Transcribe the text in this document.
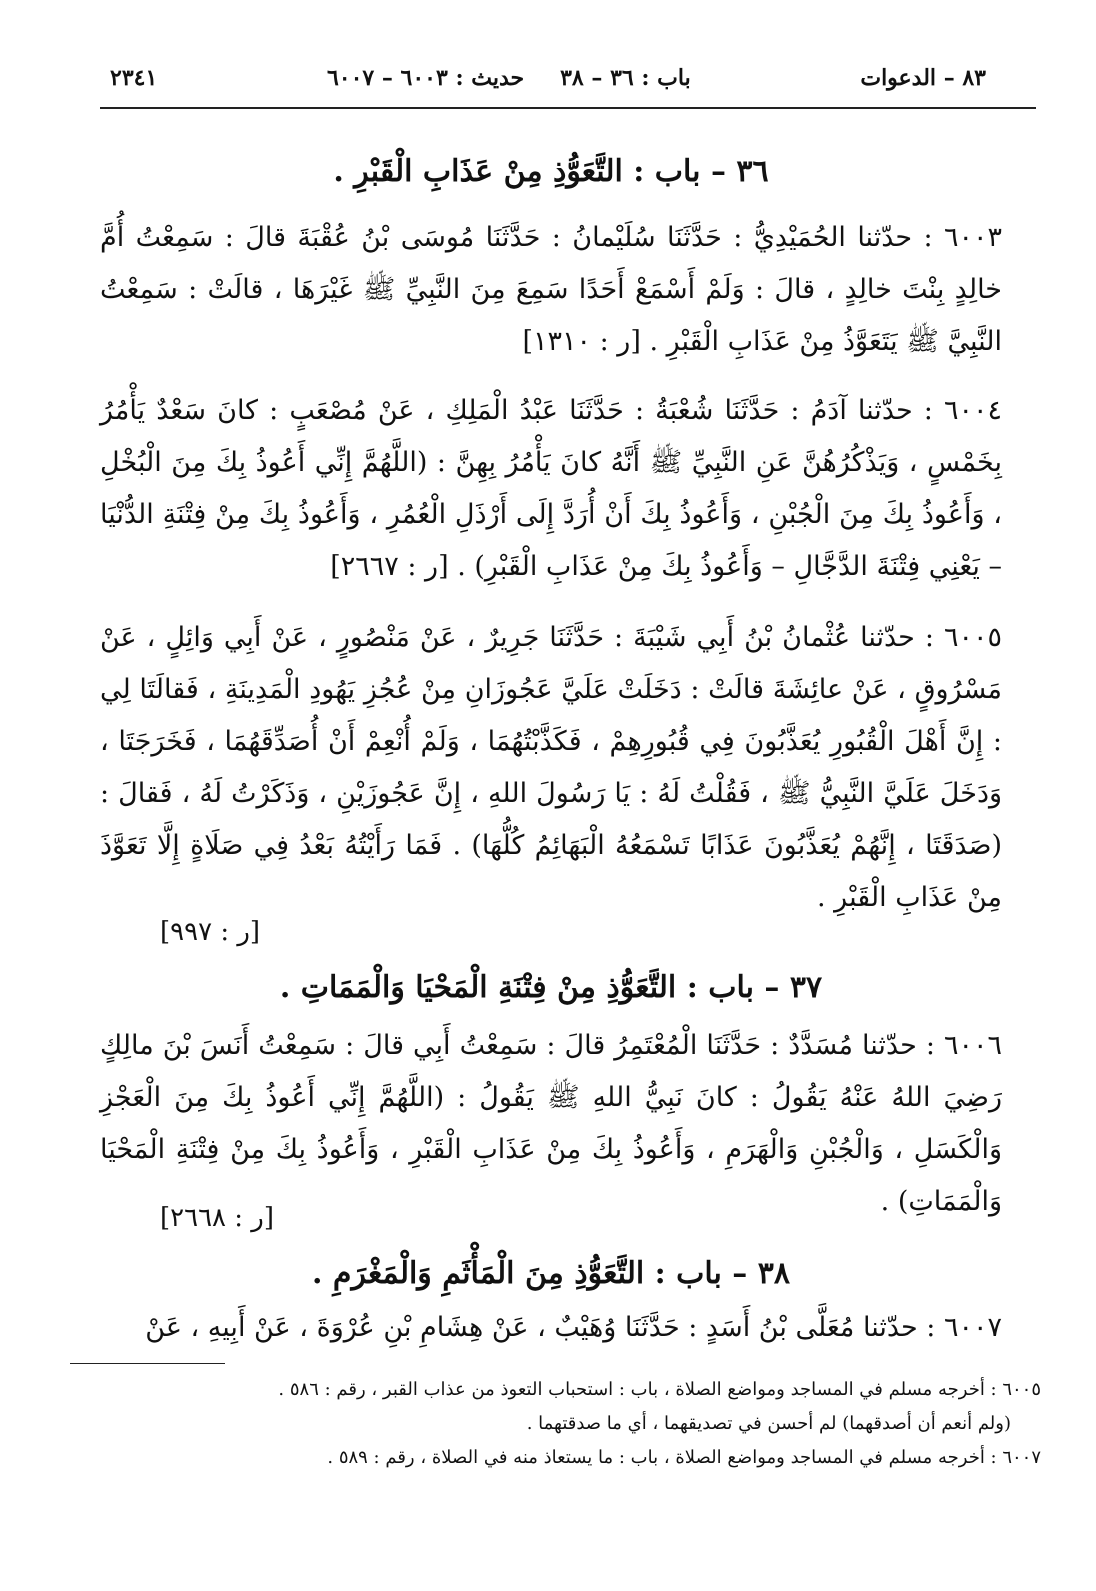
٨٣ – الدعوات
باب : ٣٦ – ٣٨
حديث : ٦٠٠٣ – ٦٠٠٧
٢٣٤١
٣٦ – باب : التَّعَوُّذِ مِنْ عَذَابِ الْقَبْرِ .
٦٠٠٣ : حدّثنا الحُمَيْدِيُّ : حَدَّثَنَا سُلَيْمانُ : حَدَّثَنَا مُوسَى بْنُ عُقْبَةَ قالَ : سَمِعْتُ أُمَّ خالِدٍ بِنْتَ خالِدٍ ، قالَ : وَلَمْ أَسْمَعْ أَحَدًا سَمِعَ مِنَ النَّبِيِّ ﷺ غَيْرَهَا ، قالَتْ : سَمِعْتُ النَّبِيَّ ﷺ يَتَعَوَّذُ مِنْ عَذَابِ الْقَبْرِ . [ر : ١٣١٠]
٦٠٠٤ : حدّثنا آدَمُ : حَدَّثَنَا شُعْبَةُ : حَدَّثَنَا عَبْدُ الْمَلِكِ ، عَنْ مُصْعَبٍ : كانَ سَعْدٌ يَأْمُرُ بِخَمْسٍ ، وَيَذْكُرُهُنَّ عَنِ النَّبِيِّ ﷺ أَنَّهُ كانَ يَأْمُرُ بِهِنَّ : (اللَّهُمَّ إِنِّي أَعُوذُ بِكَ مِنَ الْبُخْلِ ، وَأَعُوذُ بِكَ مِنَ الْجُبْنِ ، وَأَعُوذُ بِكَ أَنْ أُرَدَّ إِلَى أَرْذَلِ الْعُمُرِ ، وَأَعُوذُ بِكَ مِنْ فِتْنَةِ الدُّنْيَا – يَعْنِي فِتْنَةَ الدَّجَّالِ – وَأَعُوذُ بِكَ مِنْ عَذَابِ الْقَبْرِ) . [ر : ٢٦٦٧]
٦٠٠٥ : حدّثنا عُثْمانُ بْنُ أَبِي شَيْبَةَ : حَدَّثَنَا جَرِيرٌ ، عَنْ مَنْصُورٍ ، عَنْ أَبِي وَائِلٍ ، عَنْ مَسْرُوقٍ ، عَنْ عائِشَةَ قالَتْ : دَخَلَتْ عَلَيَّ عَجُوزَانِ مِنْ عُجُزِ يَهُودِ الْمَدِينَةِ ، فَقالَتَا لِي : إِنَّ أَهْلَ الْقُبُورِ يُعَذَّبُونَ فِي قُبُورِهِمْ ، فَكَذَّبْتُهُمَا ، وَلَمْ أُنْعِمْ أَنْ أُصَدِّقَهُمَا ، فَخَرَجَتَا ، وَدَخَلَ عَلَيَّ النَّبِيُّ ﷺ ، فَقُلْتُ لَهُ : يَا رَسُولَ اللهِ ، إِنَّ عَجُوزَيْنِ ، وَذَكَرْتُ لَهُ ، فَقالَ : (صَدَقَتَا ، إِنَّهُمْ يُعَذَّبُونَ عَذَابًا تَسْمَعُهُ الْبَهَائِمُ كُلُّهَا) . فَمَا رَأَيْتُهُ بَعْدُ فِي صَلَاةٍ إِلَّا تَعَوَّذَ مِنْ عَذَابِ الْقَبْرِ .
[ر : ٩٩٧]
٣٧ – باب : التَّعَوُّذِ مِنْ فِتْنَةِ الْمَحْيَا وَالْمَمَاتِ .
٦٠٠٦ : حدّثنا مُسَدَّدٌ : حَدَّثَنَا الْمُعْتَمِرُ قالَ : سَمِعْتُ أَبِي قالَ : سَمِعْتُ أَنَسَ بْنَ مالِكٍ رَضِيَ اللهُ عَنْهُ يَقُولُ : كانَ نَبِيُّ اللهِ ﷺ يَقُولُ : (اللَّهُمَّ إِنِّي أَعُوذُ بِكَ مِنَ الْعَجْزِ وَالْكَسَلِ ، وَالْجُبْنِ وَالْهَرَمِ ، وَأَعُوذُ بِكَ مِنْ عَذَابِ الْقَبْرِ ، وَأَعُوذُ بِكَ مِنْ فِتْنَةِ الْمَحْيَا وَالْمَمَاتِ) .
[ر : ٢٦٦٨]
٣٨ – باب : التَّعَوُّذِ مِنَ الْمَأْثَمِ وَالْمَغْرَمِ .
٦٠٠٧ : حدّثنا مُعَلَّى بْنُ أَسَدٍ : حَدَّثَنَا وُهَيْبٌ ، عَنْ هِشَامِ بْنِ عُرْوَةَ ، عَنْ أَبِيهِ ، عَنْ
٦٠٠٥ : أخرجه مسلم في المساجد ومواضع الصلاة ، باب : استحباب التعوذ من عذاب القبر ، رقم : ٥٨٦ .
(ولم أنعم أن أصدقهما) لم أحسن في تصديقهما ، أي ما صدقتهما .
٦٠٠٧ : أخرجه مسلم في المساجد ومواضع الصلاة ، باب : ما يستعاذ منه في الصلاة ، رقم : ٥٨٩ .
